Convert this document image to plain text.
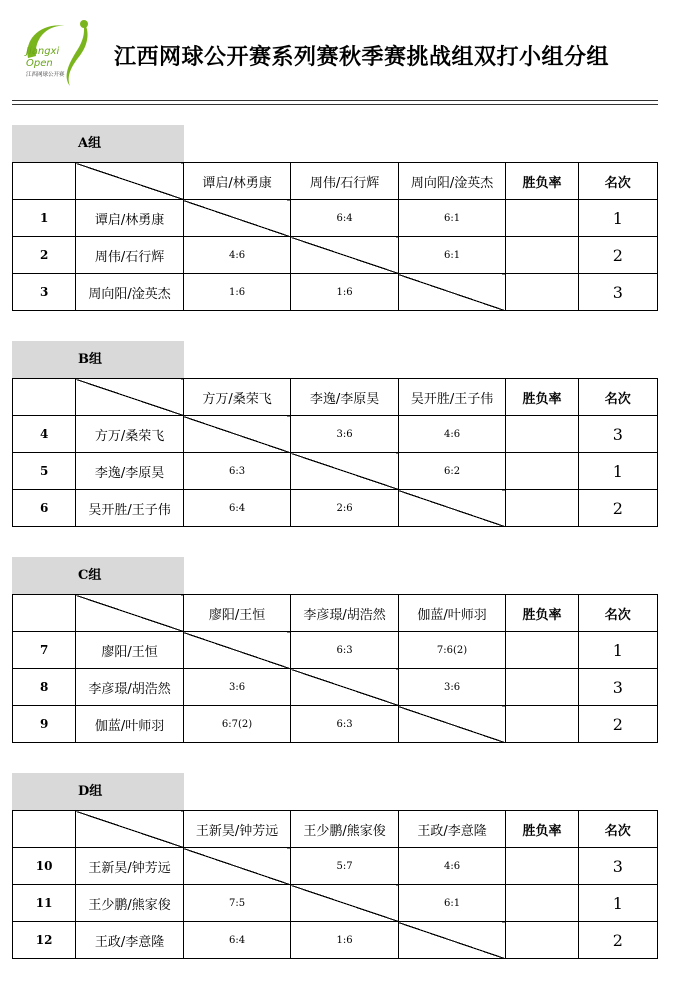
Jiangxi
Open
江西网球公开赛
江西网球公开赛系列赛秋季赛挑战组双打小组分组
A组
		谭启/林勇康	周伟/石行辉	周向阳/淦英杰	胜负率	名次
1	谭启/林勇康		6:4	6:1		1
2	周伟/石行辉	4:6		6:1		2
3	周向阳/淦英杰	1:6	1:6			3
B组
		方万/桑荣飞	李逸/李原昊	吴开胜/王子伟	胜负率	名次
4	方万/桑荣飞		3:6	4:6		3
5	李逸/李原昊	6:3		6:2		1
6	吴开胜/王子伟	6:4	2:6			2
C组
		廖阳/王恒	李彦璟/胡浩然	伽蓝/叶师羽	胜负率	名次
7	廖阳/王恒		6:3	7:6(2)		1
8	李彦璟/胡浩然	3:6		3:6		3
9	伽蓝/叶师羽	6:7(2)	6:3			2
D组
		王新昊/钟芳远	王少鹏/熊家俊	王政/李意隆	胜负率	名次
10	王新昊/钟芳远		5:7	4:6		3
11	王少鹏/熊家俊	7:5		6:1		1
12	王政/李意隆	6:4	1:6			2
